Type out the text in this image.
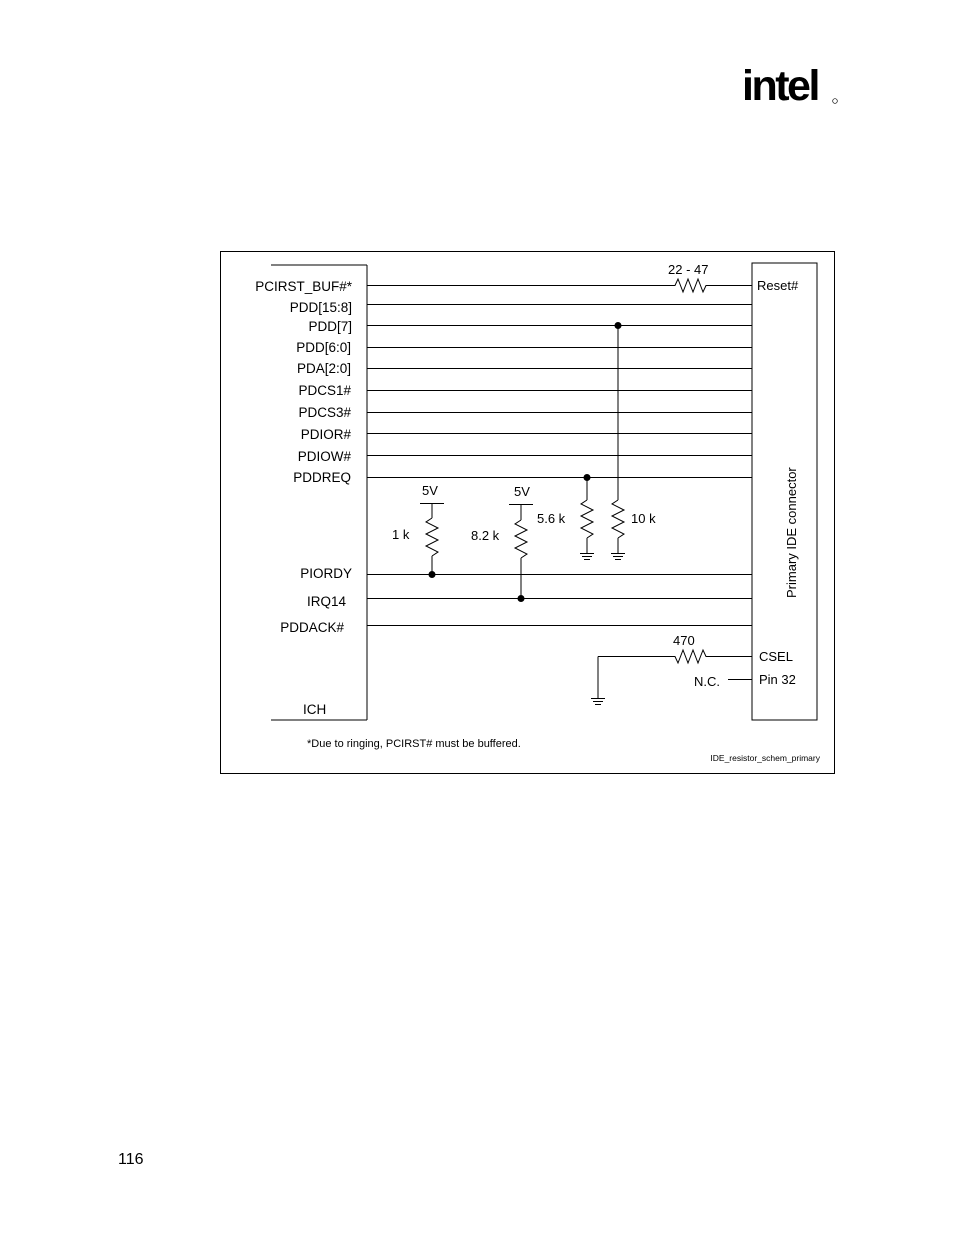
intel
ICH
Primary IDE connector
PCIRST_BUF#*
PDD[15:8]
PDD[7]
PDD[6:0]
PDA[2:0]
PDCS1#
PDCS3#
PDIOR#
PDIOW#
PDDREQ
PIORDY
IRQ14
PDDACK#
22 - 47
Reset#
10 k
5.6 k
5V
1 k
5V
8.2 k
470
CSEL
N.C.	Pin 32
*Due to ringing, PCIRST# must be buffered.
IDE_resistor_schem_primary
116
